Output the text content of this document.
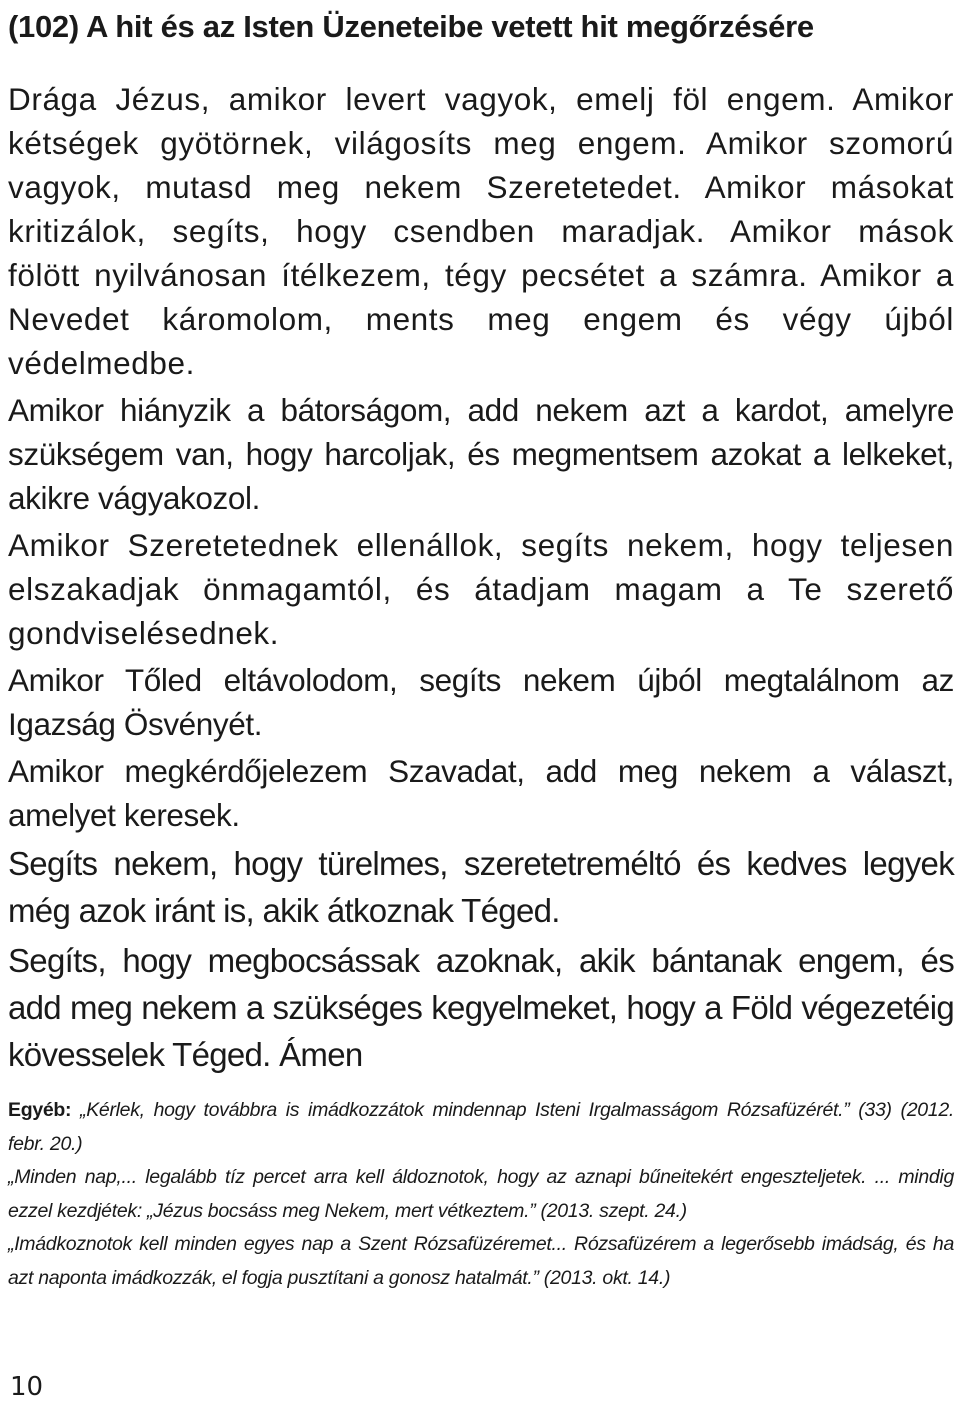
(102) A hit és az Isten Üzeneteibe vetett hit megőrzésére

Drága Jézus, amikor levert vagyok, emelj föl engem. Amikor kétségek gyötörnek, világosíts meg engem. Amikor szomorú vagyok, mutasd meg nekem Szeretetedet. Amikor másokat kritizálok, segíts, hogy csendben maradjak. Amikor mások fölött nyilvánosan ítélkezem, tégy pecsétet a számra. Amikor a Nevedet káromolom, ments meg engem és végy újból védelmedbe.

Amikor hiányzik a bátorságom, add nekem azt a kardot, amelyre szükségem van, hogy harcoljak, és megmentsem azokat a lelkeket, akikre vágyakozol.

Amikor Szeretetednek ellenállok, segíts nekem, hogy teljesen elszakadjak önmagamtól, és átadjam magam a Te szerető gondviselésednek.

Amikor Tőled eltávolodom, segíts nekem újból megtalálnom az Igazság Ösvényét.

Amikor megkérdőjelezem Szavadat, add meg nekem a választ, amelyet keresek.

Segíts nekem, hogy türelmes, szeretetreméltó és kedves legyek még azok iránt is, akik átkoznak Téged.

Segíts, hogy megbocsássak azoknak, akik bántanak engem, és add meg nekem a szükséges kegyelmeket, hogy a Föld végezetéig kövesselek Téged. Ámen

Egyéb: „Kérlek, hogy továbbra is imádkozzátok mindennap Isteni Irgalmasságom Rózsafüzérét.” (33) (2012. febr. 20.)

„Minden nap,... legalább tíz percet arra kell áldoznotok, hogy az aznapi bűneitekért engeszteljetek. ... mindig ezzel kezdjétek: „Jézus bocsáss meg Nekem, mert vétkeztem.” (2013. szept. 24.)

„Imádkoznotok kell minden egyes nap a Szent Rózsafüzéremet... Rózsafüzérem a legerősebb imádság, és ha azt naponta imádkozzák, el fogja pusztítani a gonosz hatalmát.” (2013. okt. 14.)

10
